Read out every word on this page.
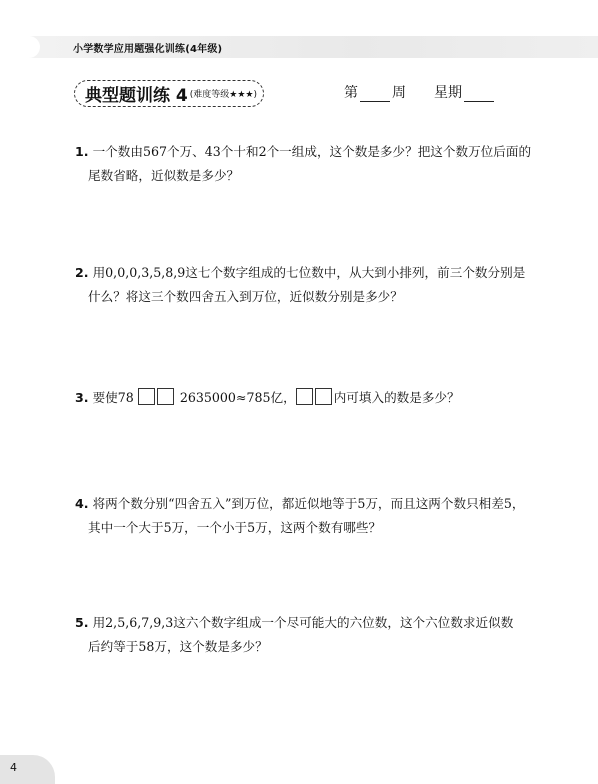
小学数学应用题强化训练(4年级)
典型题训练 4 (难度等级★★★)	第 周 星期
1. 一个数由567个万、43个十和2个一组成，这个数是多少？把这个数万位后面的
尾数省略，近似数是多少？
2. 用0,0,0,3,5,8,9这七个数字组成的七位数中，从大到小排列，前三个数分别是
什么？将这三个数四舍五入到万位，近似数分别是多少？
3. 要使78	2635000≈785亿，	内可填入的数是多少？
4. 将两个数分别“四舍五入”到万位，都近似地等于5万，而且这两个数只相差5，
其中一个大于5万，一个小于5万，这两个数有哪些？
5. 用2,5,6,7,9,3这六个数字组成一个尽可能大的六位数，这个六位数求近似数
后约等于58万，这个数是多少？
4
